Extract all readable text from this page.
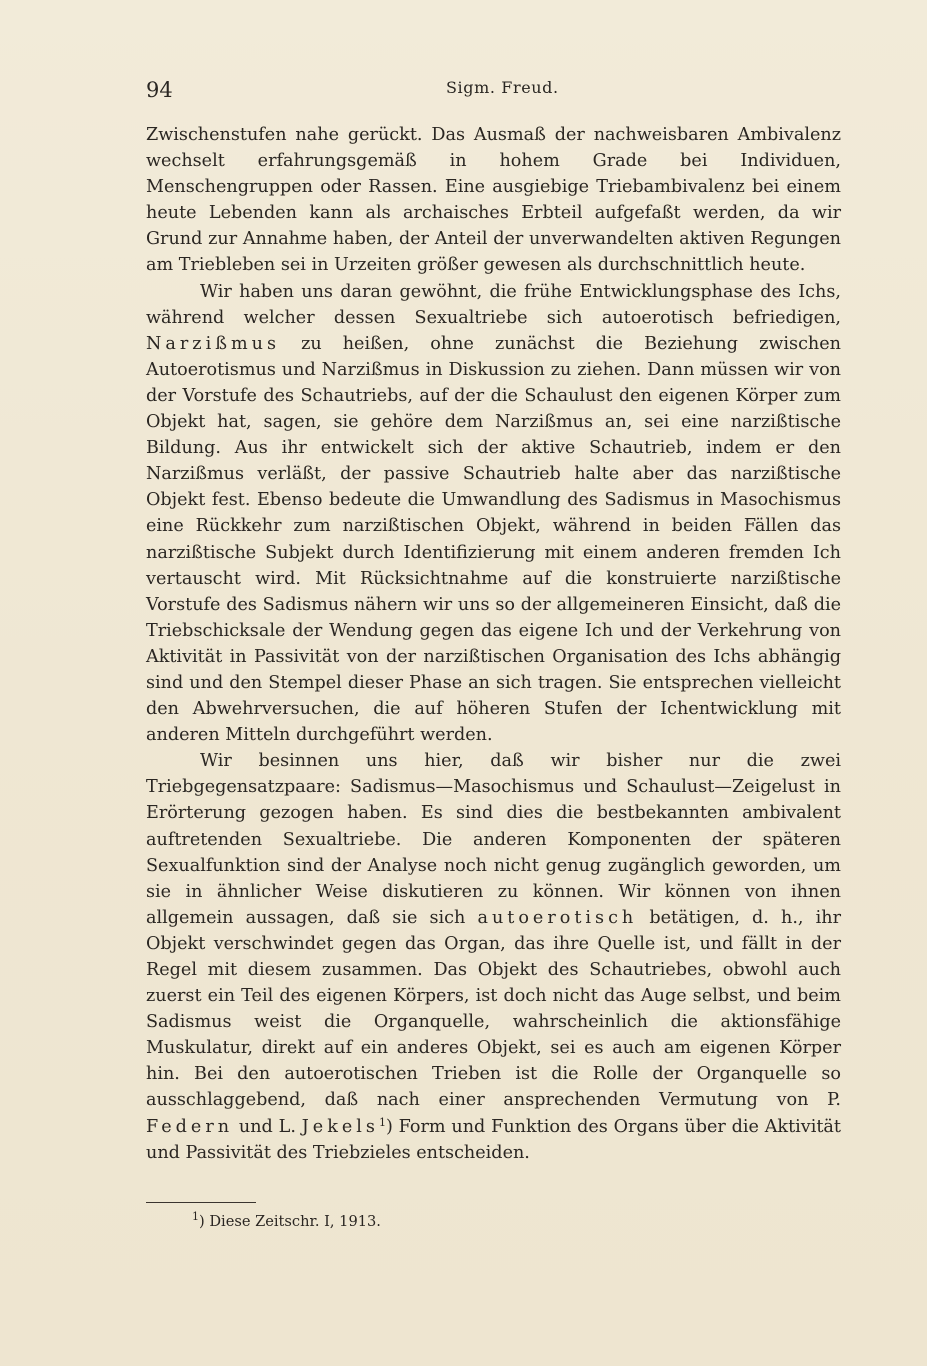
94	Sigm. Freud.

Zwischenstufen nahe gerückt. Das Ausmaß der nachweisbaren Ambivalenz wechselt erfahrungsgemäß in hohem Grade bei Individuen, Menschengruppen oder Rassen. Eine ausgiebige Triebambivalenz bei einem heute Lebenden kann als archaisches Erbteil aufgefaßt werden, da wir Grund zur Annahme haben, der Anteil der unverwandelten aktiven Regungen am Triebleben sei in Urzeiten größer gewesen als durchschnittlich heute.

Wir haben uns daran gewöhnt, die frühe Entwicklungsphase des Ichs, während welcher dessen Sexualtriebe sich autoerotisch befriedigen, Narzißmus zu heißen, ohne zunächst die Beziehung zwischen Autoerotismus und Narzißmus in Diskussion zu ziehen. Dann müssen wir von der Vorstufe des Schautriebs, auf der die Schaulust den eigenen Körper zum Objekt hat, sagen, sie gehöre dem Narzißmus an, sei eine narzißtische Bildung. Aus ihr entwickelt sich der aktive Schautrieb, indem er den Narzißmus verläßt, der passive Schautrieb halte aber das narzißtische Objekt fest. Ebenso bedeute die Umwandlung des Sadismus in Masochismus eine Rückkehr zum narzißtischen Objekt, während in beiden Fällen das narzißtische Subjekt durch Identifizierung mit einem anderen fremden Ich vertauscht wird. Mit Rücksichtnahme auf die konstruierte narzißtische Vorstufe des Sadismus nähern wir uns so der allgemeineren Einsicht, daß die Triebschicksale der Wendung gegen das eigene Ich und der Verkehrung von Aktivität in Passivität von der narzißtischen Organisation des Ichs abhängig sind und den Stempel dieser Phase an sich tragen. Sie entsprechen vielleicht den Abwehrversuchen, die auf höheren Stufen der Ichentwicklung mit anderen Mitteln durchgeführt werden.

Wir besinnen uns hier, daß wir bisher nur die zwei Triebgegensatzpaare: Sadismus—Masochismus und Schaulust—Zeigelust in Erörterung gezogen haben. Es sind dies die bestbekannten ambivalent auftretenden Sexualtriebe. Die anderen Komponenten der späteren Sexualfunktion sind der Analyse noch nicht genug zugänglich geworden, um sie in ähnlicher Weise diskutieren zu können. Wir können von ihnen allgemein aussagen, daß sie sich autoerotisch betätigen, d. h., ihr Objekt verschwindet gegen das Organ, das ihre Quelle ist, und fällt in der Regel mit diesem zusammen. Das Objekt des Schautriebes, obwohl auch zuerst ein Teil des eigenen Körpers, ist doch nicht das Auge selbst, und beim Sadismus weist die Organquelle, wahrscheinlich die aktionsfähige Muskulatur, direkt auf ein anderes Objekt, sei es auch am eigenen Körper hin. Bei den autoerotischen Trieben ist die Rolle der Organquelle so ausschlaggebend, daß nach einer ansprechenden Vermutung von P. Federn und L. Jekels$^1$) Form und Funktion des Organs über die Aktivität und Passivität des Triebzieles entscheiden.

$^1$) Diese Zeitschr. I, 1913.
